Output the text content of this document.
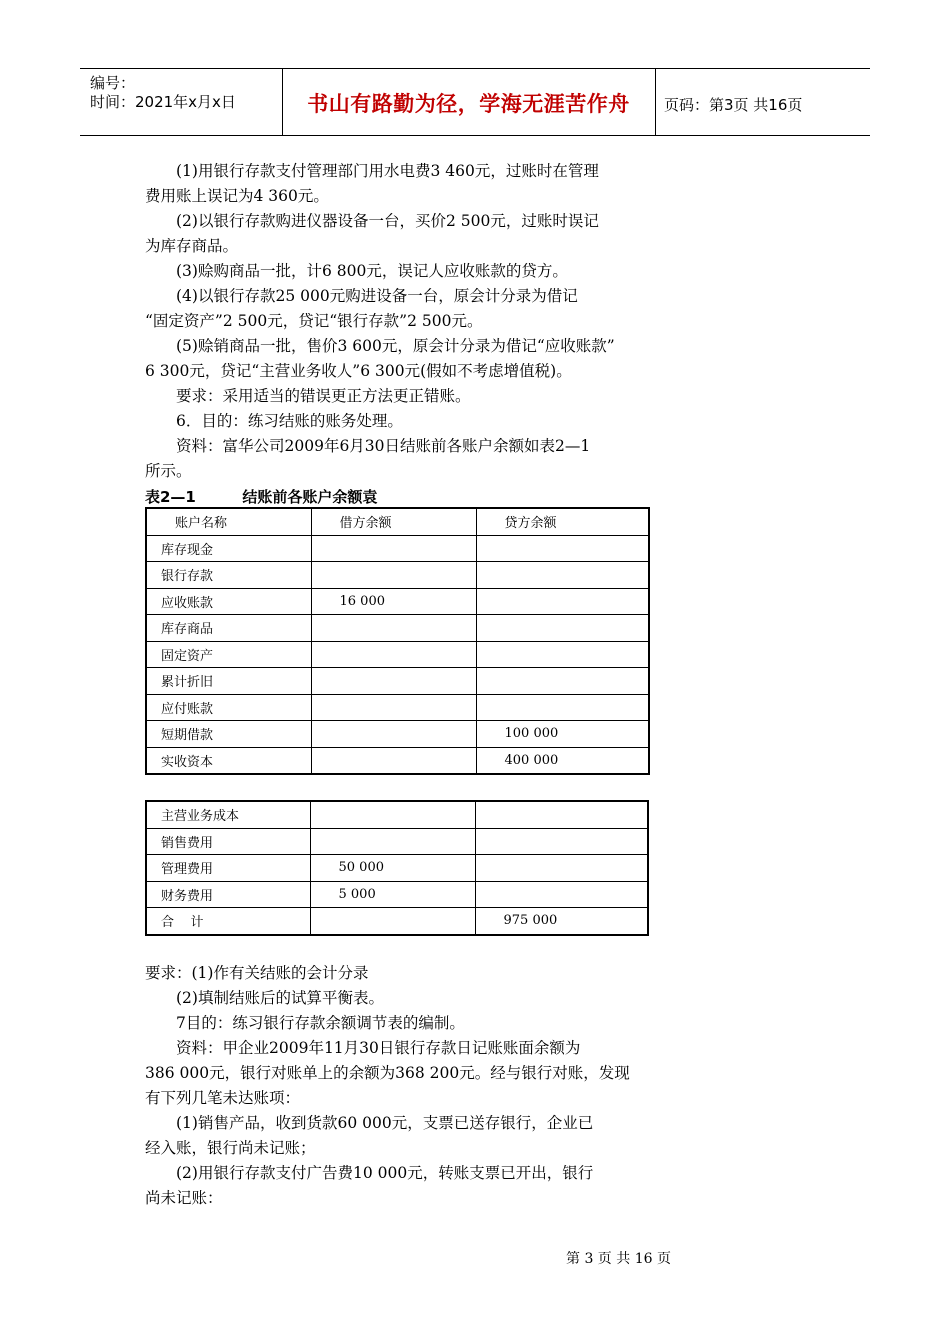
编号：
时间：2021年x月x日	书山有路勤为径，学海无涯苦作舟	页码：第3页 共16页
(1)用银行存款支付管理部门用水电费3 460元，过账时在管理
费用账上误记为4 360元。
(2)以银行存款购进仪器设备一台，买价2 500元，过账时误记
为库存商品。
(3)赊购商品一批，计6 800元，误记人应收账款的贷方。
(4)以银行存款25 000元购进设备一台，原会计分录为借记
“固定资产”2 500元，贷记“银行存款”2 500元。
(5)赊销商品一批，售价3 600元，原会计分录为借记“应收账款”
6 300元，贷记“主营业务收人”6 300元(假如不考虑增值税)。
要求：采用适当的错误更正方法更正错账。
6．目的：练习结账的账务处理。
资料：富华公司2009年6月30日结账前各账户余额如表2—1
所示。
表2—1	结账前各账户余额袁
账户名称	借方余额	贷方余额
库存现金		
银行存款		
应收账款	16 000	
库存商品		
固定资产		
累计折旧		
应付账款		
短期借款		100 000
实收资本		400 000
主营业务成本		
销售费用		
管理费用	50 000	
财务费用	5 000	
合    计		975 000
要求：(1)作有关结账的会计分录
(2)填制结账后的试算平衡表。
7目的：练习银行存款余额调节表的编制。
资料：甲企业2009年11月30日银行存款日记账账面余额为
386 000元，银行对账单上的余额为368 200元。经与银行对账，发现
有下列几笔未达账项：
(1)销售产品，收到货款60 000元，支票已送存银行，企业已
经入账，银行尚未记账；
(2)用银行存款支付广告费10 000元，转账支票已开出，银行
尚未记账：
第 3 页 共 16 页
